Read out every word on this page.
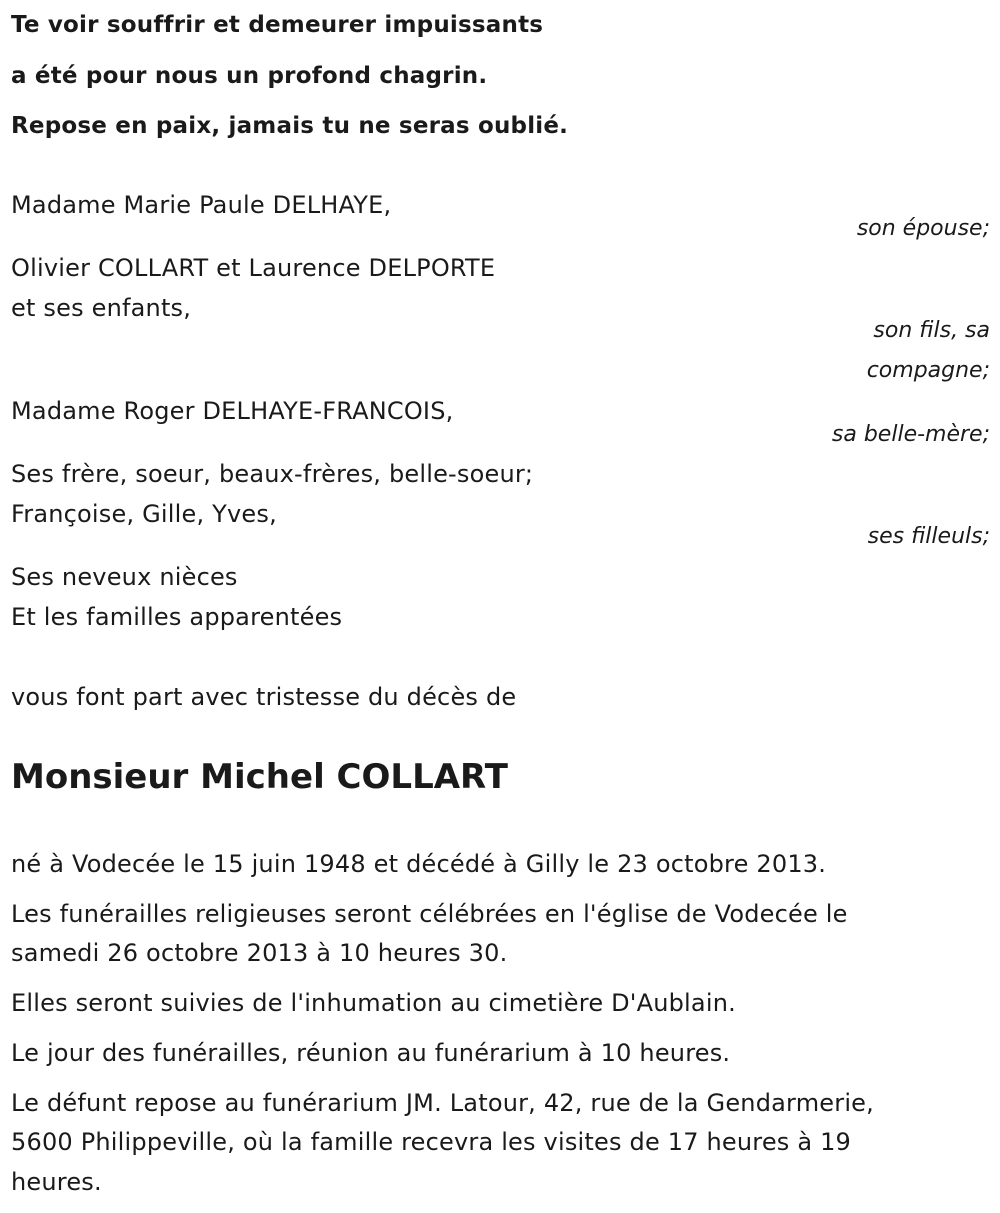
Te voir souffrir et demeurer impuissants
a été pour nous un profond chagrin.
Repose en paix, jamais tu ne seras oublié.
Madame Marie Paule DELHAYE,
son épouse;
Olivier COLLART et Laurence DELPORTE
et ses enfants,
son fils, sa
compagne;
Madame Roger DELHAYE-FRANCOIS,
sa belle-mère;
Ses frère, soeur, beaux-frères, belle-soeur;
Françoise, Gille, Yves,
ses filleuls;
Ses neveux nièces
Et les familles apparentées
vous font part avec tristesse du décès de
Monsieur Michel COLLART
né à Vodecée le 15 juin 1948 et décédé à Gilly le 23 octobre 2013.
Les funérailles religieuses seront célébrées en l'église de Vodecée le
samedi 26 octobre 2013 à 10 heures 30.
Elles seront suivies de l'inhumation au cimetière D'Aublain.
Le jour des funérailles, réunion au funérarium à 10 heures.
Le défunt repose au funérarium JM. Latour, 42, rue de la Gendarmerie,
5600 Philippeville, où la famille recevra les visites de 17 heures à 19
heures.
